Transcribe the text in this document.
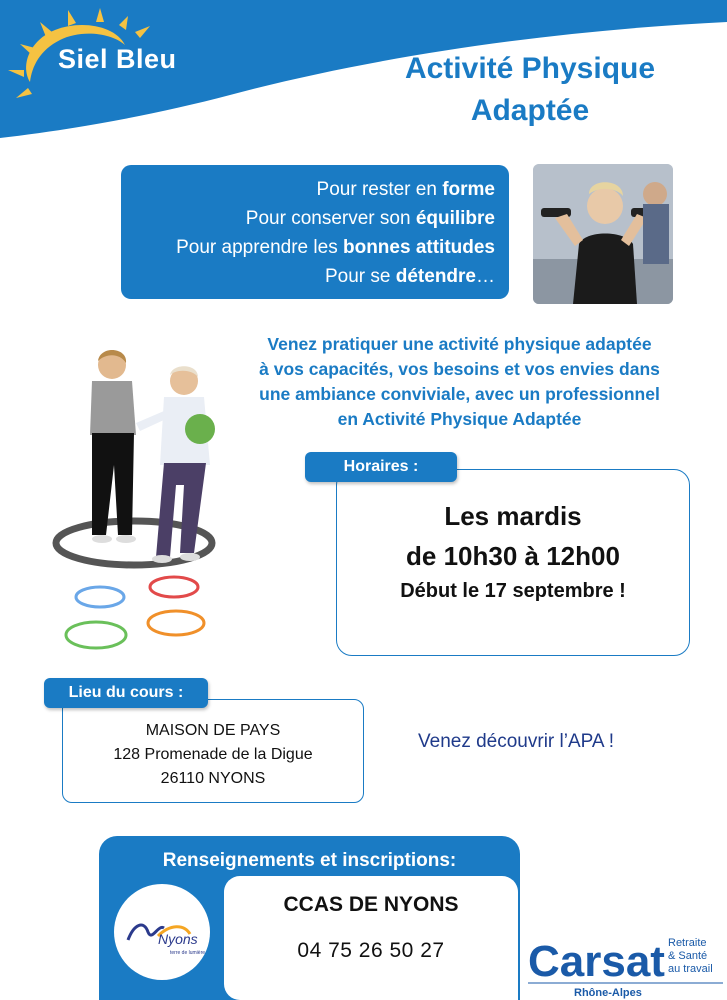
Siel Bleu	Activité Physique
Adaptée
Pour rester en forme
Pour conserver son équilibre
Pour apprendre les bonnes attitudes
Pour se détendre…
Venez pratiquer une activité physique adaptée
à vos capacités, vos besoins et vos envies dans
une ambiance conviviale, avec un professionnel
en Activité Physique Adaptée
Les mardis
de 10h30 à 12h00
Début le 17 septembre !
Horaires :
MAISON DE PAYS
128 Promenade de la Digue
26110 NYONS
Lieu du cours :
Venez découvrir l’APA !
Renseignements et inscriptions:
Nyons
terre de lumière
CCAS DE NYONS
04 75 26 50 27	Carsat Retraite
& Santé
au travail
Rhône-Alpes
